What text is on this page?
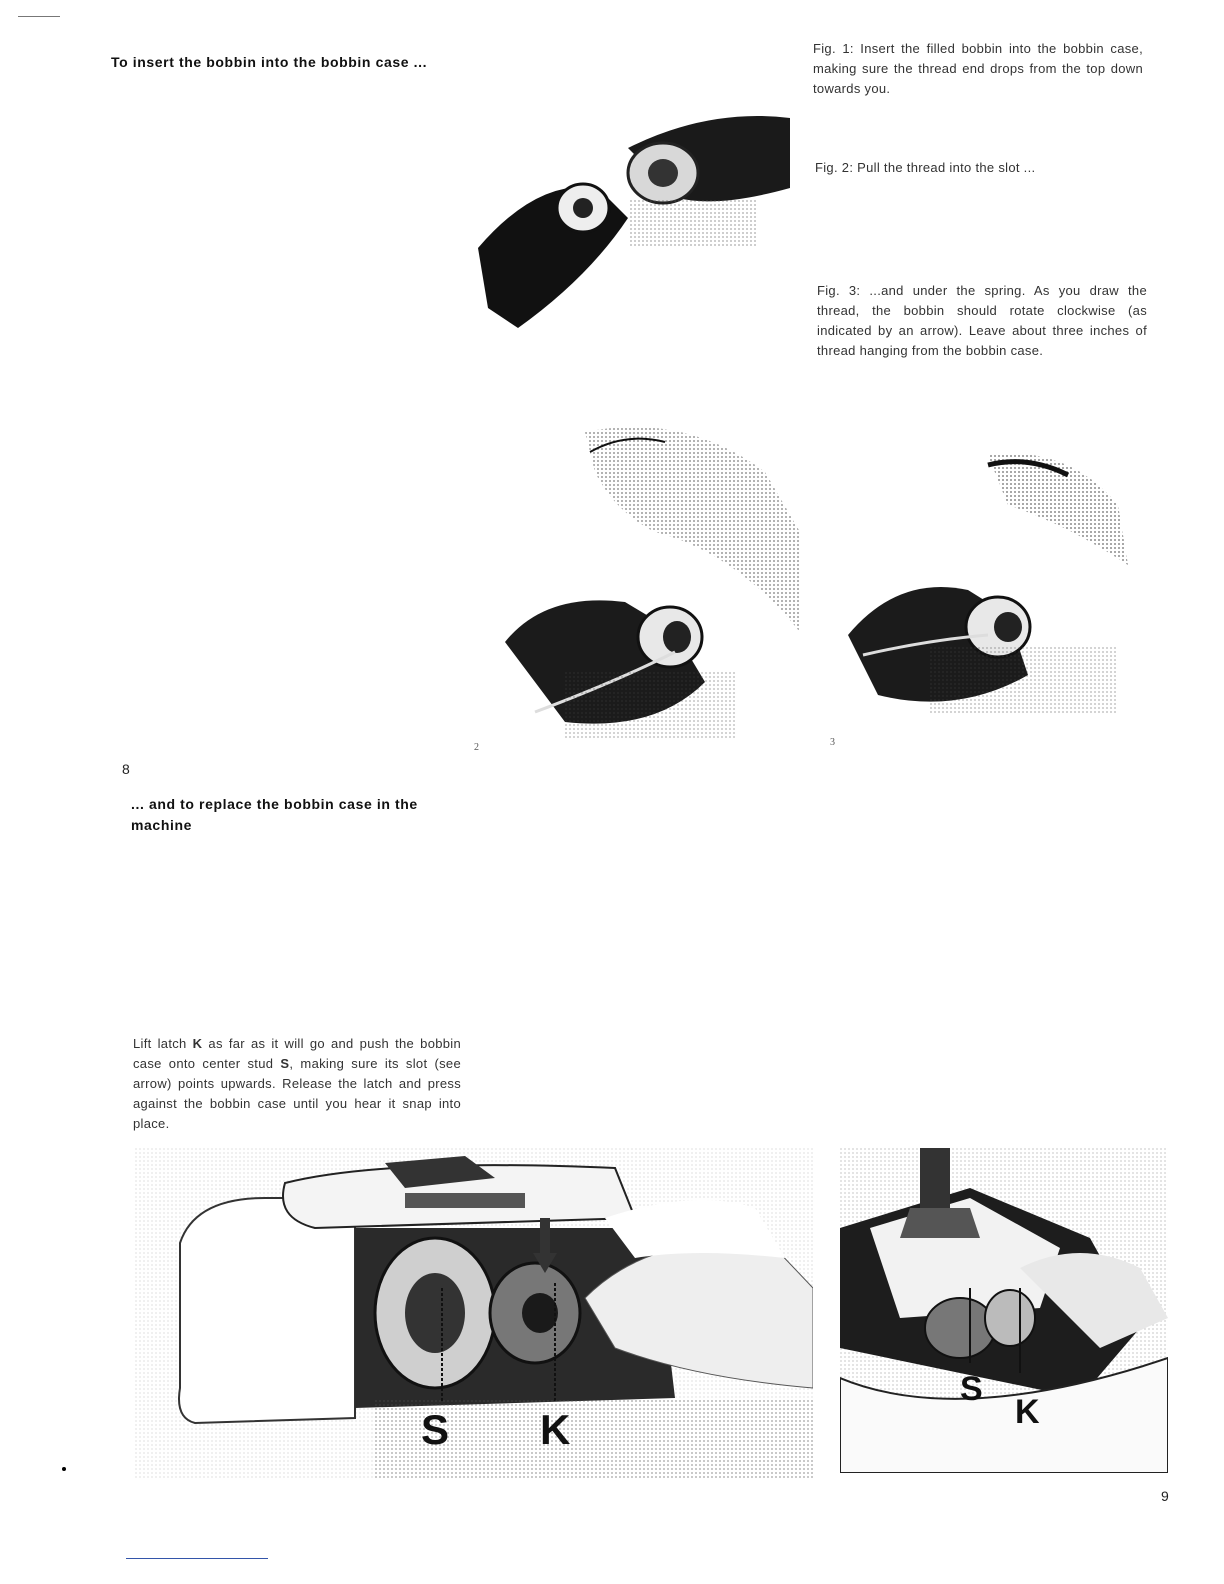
To insert the bobbin into the bobbin case ...
Fig. 1: Insert the filled bobbin into the bobbin case, making sure the thread end drops from the top down towards you.
Fig. 2: Pull the thread into the slot ...
Fig. 3: ...and under the spring. As you draw the thread, the bobbin should rotate clockwise (as indicated by an arrow). Leave about three inches of thread hanging from the bobbin case.
2	3
8
... and to replace the bobbin case in the machine
Lift latch K as far as it will go and push the bobbin case onto center stud S, making sure its slot (see arrow) points upwards. Release the latch and press against the bobbin case until you hear it snap into place.
S K
S
K
9
